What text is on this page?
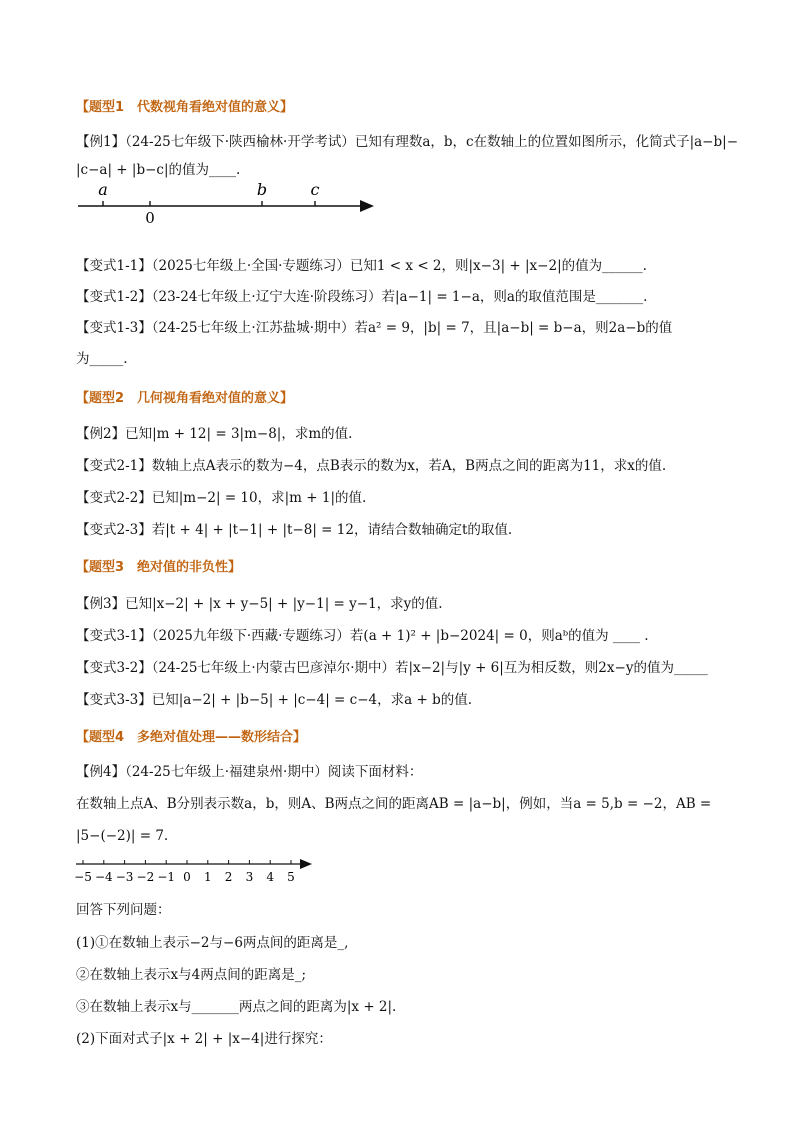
【题型1　代数视角看绝对值的意义】
【例1】（24-25七年级下·陕西榆林·开学考试）已知有理数a，b，c在数轴上的位置如图所示，化简式子|a−b|−
|c−a| + |b−c|的值为____.
a	b	c
0
【变式1-1】（2025七年级上·全国·专题练习）已知1 < x < 2，则|x−3| + |x−2|的值为______.
【变式1-2】（23-24七年级上·辽宁大连·阶段练习）若|a−1| = 1−a，则a的取值范围是_______.
【变式1-3】（24-25七年级上·江苏盐城·期中）若a² = 9，|b| = 7，且|a−b| = b−a，则2a−b的值
为_____.
【题型2　几何视角看绝对值的意义】
【例2】已知|m + 12| = 3|m−8|，求m的值.
【变式2-1】数轴上点A表示的数为−4，点B表示的数为x，若A，B两点之间的距离为11，求x的值.
【变式2-2】已知|m−2| = 10，求|m + 1|的值.
【变式2-3】若|t + 4| + |t−1| + |t−8| = 12，请结合数轴确定t的取值.
【题型3　绝对值的非负性】
【例3】已知|x−2| + |x + y−5| + |y−1| = y−1，求y的值.
【变式3-1】（2025九年级下·西藏·专题练习）若(a + 1)² + |b−2024| = 0，则aᵇ的值为 ____ .
【变式3-2】（24-25七年级上·内蒙古巴彦淖尔·期中）若|x−2|与|y + 6|互为相反数，则2x−y的值为_____
【变式3-3】已知|a−2| + |b−5| + |c−4| = c−4，求a + b的值.
【题型4　多绝对值处理——数形结合】
【例4】（24-25七年级上·福建泉州·期中）阅读下面材料：
在数轴上点A、B分别表示数a，b，则A、B两点之间的距离AB = |a−b|，例如，当a = 5,b = −2，AB =
|5−(−2)| = 7.
−5 −4 −3 −2 −1 0 1 2 3 4 5
回答下列问题：
(1)①在数轴上表示−2与−6两点间的距离是_,
②在数轴上表示x与4两点间的距离是_;
③在数轴上表示x与_______两点之间的距离为|x + 2|.
(2)下面对式子|x + 2| + |x−4|进行探究：
